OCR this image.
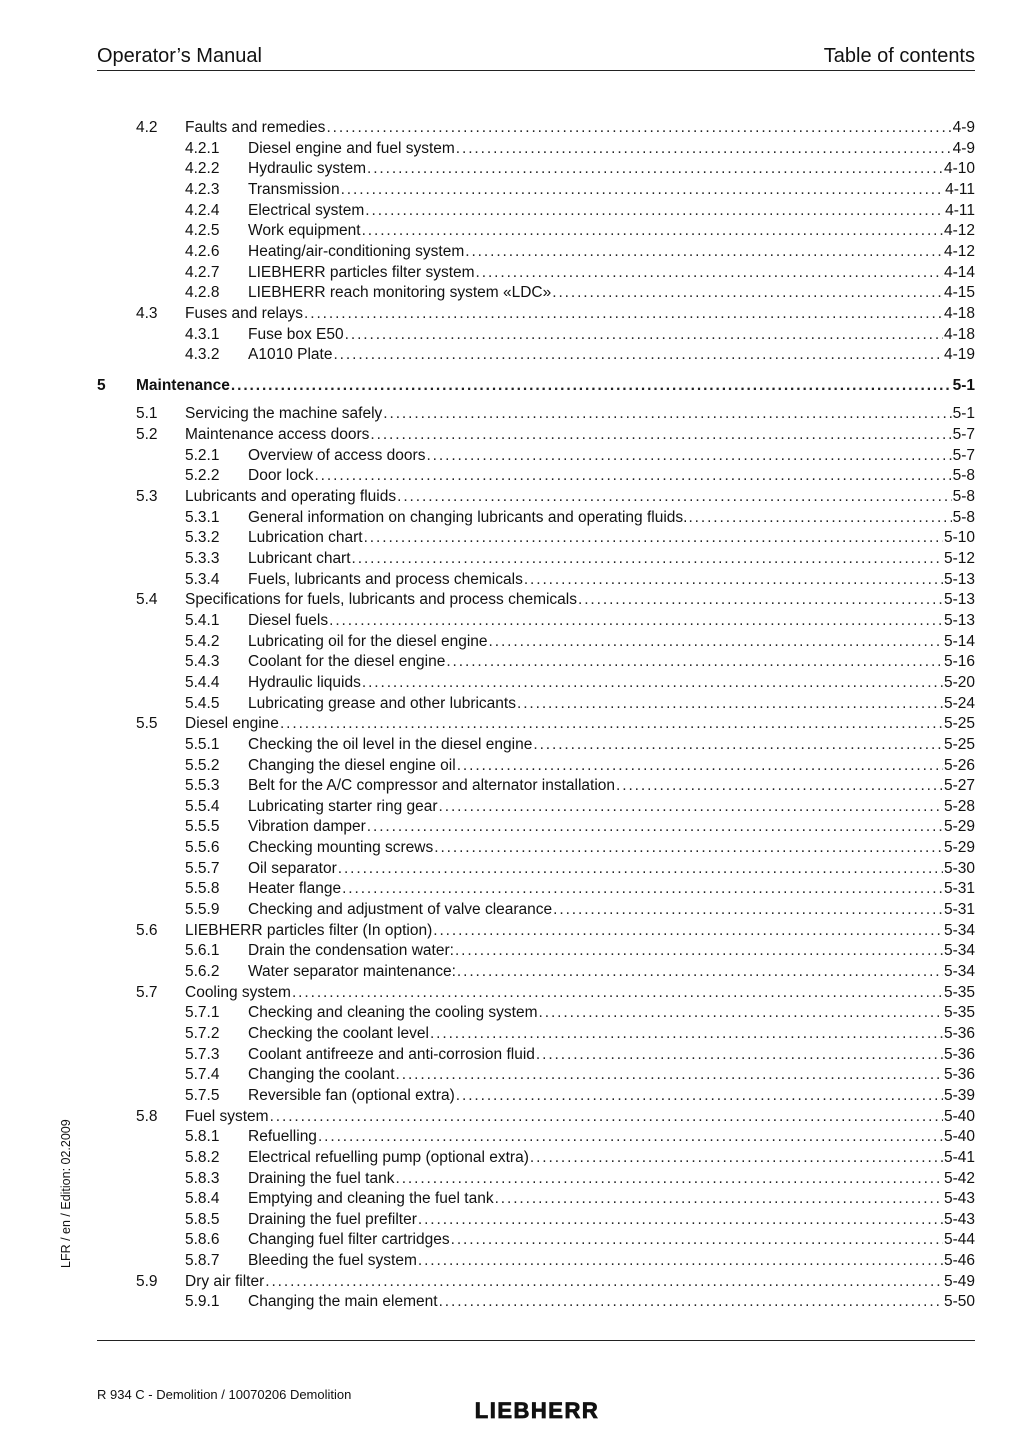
Operator’s Manual	Table of contents
4.2 Faults and remedies . . .	4-9
4.2.1 Diesel engine and fuel system . . .	4-9
4.2.2 Hydraulic system . . .	4-10
4.2.3 Transmission . . .	4-11
4.2.4 Electrical system . . .	4-11
4.2.5 Work equipment . . .	4-12
4.2.6 Heating/air-conditioning system . . .	4-12
4.2.7 LIEBHERR particles filter system . . .	4-14
4.2.8 LIEBHERR reach monitoring system «LDC» . . .	4-15
4.3 Fuses and relays . . .	4-18
4.3.1 Fuse box E50 . . .	4-18
4.3.2 A1010 Plate . . .	4-19
5 Maintenance . . .	5-1
5.1 Servicing the machine safely . . .	5-1
5.2 Maintenance access doors . . .	5-7
5.2.1 Overview of access doors . . .	5-7
5.2.2 Door lock . . .	5-8
5.3 Lubricants and operating fluids . . .	5-8
5.3.1 General information on changing lubricants and operating fluids. . . .	5-8
5.3.2 Lubrication chart . . .	5-10
5.3.3 Lubricant chart . . .	5-12
5.3.4 Fuels, lubricants and process chemicals . . .	5-13
5.4 Specifications for fuels, lubricants and process chemicals . . .	5-13
5.4.1 Diesel fuels . . .	5-13
5.4.2 Lubricating oil for the diesel engine . . .	5-14
5.4.3 Coolant for the diesel engine . . .	5-16
5.4.4 Hydraulic liquids . . .	5-20
5.4.5 Lubricating grease and other lubricants . . .	5-24
5.5 Diesel engine . . .	5-25
5.5.1 Checking the oil level in the diesel engine . . .	5-25
5.5.2 Changing the diesel engine oil . . .	5-26
5.5.3 Belt for the A/C compressor and alternator installation . . .	5-27
5.5.4 Lubricating starter ring gear . . .	5-28
5.5.5 Vibration damper . . .	5-29
5.5.6 Checking mounting screws . . .	5-29
5.5.7 Oil separator . . .	5-30
5.5.8 Heater flange . . .	5-31
5.5.9 Checking and adjustment of valve clearance . . .	5-31
5.6 LIEBHERR particles filter (In option) . . .	5-34
5.6.1 Drain the condensation water: . . .	5-34
5.6.2 Water separator maintenance: . . .	5-34
5.7 Cooling system . . .	5-35
5.7.1 Checking and cleaning the cooling system . . .	5-35
5.7.2 Checking the coolant level . . .	5-36
5.7.3 Coolant antifreeze and anti-corrosion fluid . . .	5-36
5.7.4 Changing the coolant . . .	5-36
5.7.5 Reversible fan (optional extra) . . .	5-39
5.8 Fuel system . . .	5-40
5.8.1 Refuelling . . .	5-40
5.8.2 Electrical refuelling pump (optional extra) . . .	5-41
5.8.3 Draining the fuel tank . . .	5-42
5.8.4 Emptying and cleaning the fuel tank . . .	5-43
5.8.5 Draining the fuel prefilter . . .	5-43
5.8.6 Changing fuel filter cartridges . . .	5-44
5.8.7 Bleeding the fuel system . . .	5-46
5.9 Dry air filter . . .	5-49
5.9.1 Changing the main element . . .	5-50
LFR / en / Edition: 02.2009
R 934 C - Demolition / 10070206 Demolition
LIEBHERR
